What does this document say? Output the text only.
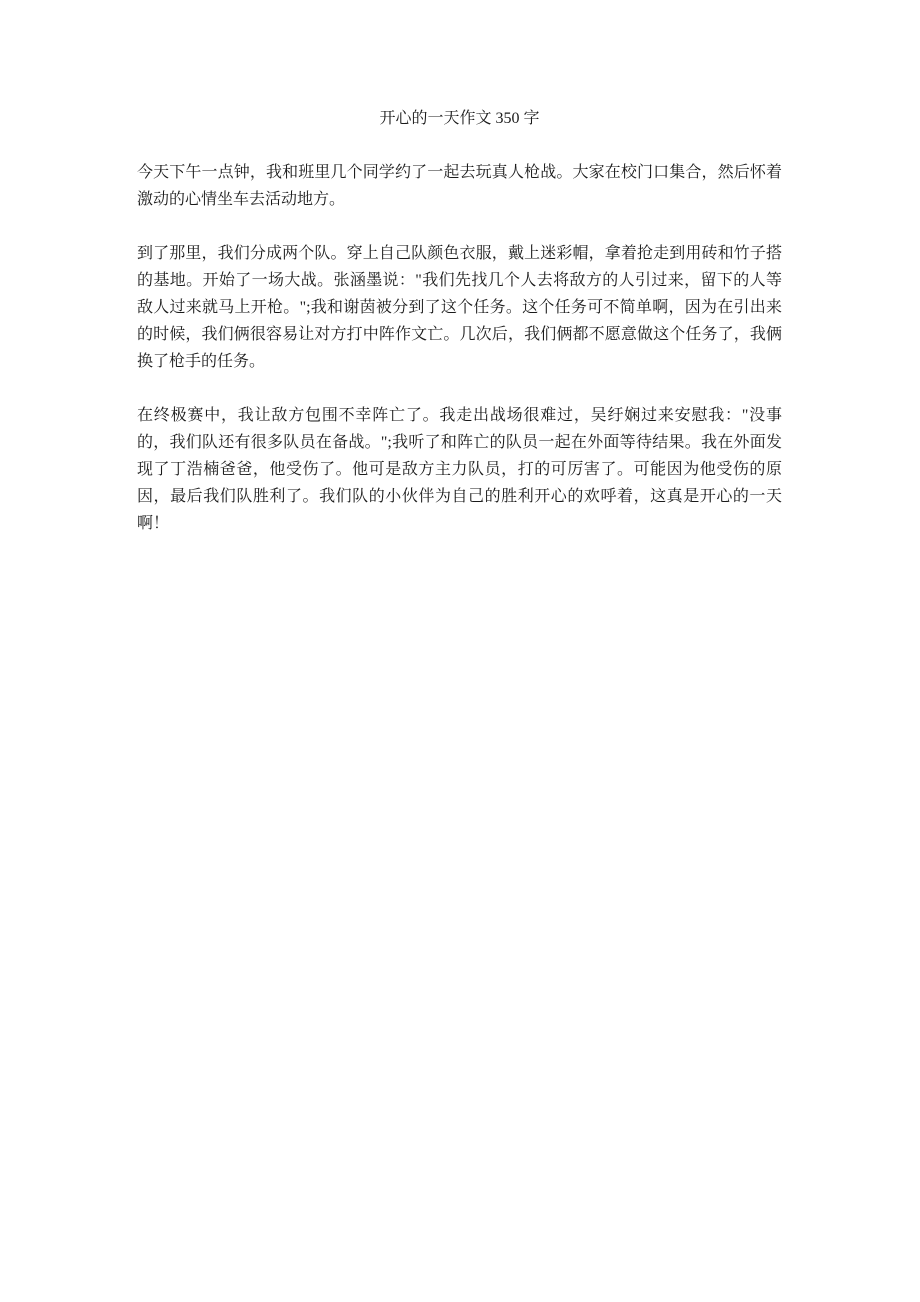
开心的一天作文 350 字

今天下午一点钟，我和班里几个同学约了一起去玩真人枪战。大家在校门口集合，然后怀着激动的心情坐车去活动地方。

到了那里，我们分成两个队。穿上自己队颜色衣服，戴上迷彩帽，拿着抢走到用砖和竹子搭的基地。开始了一场大战。张涵墨说："我们先找几个人去将敌方的人引过来，留下的人等敌人过来就马上开枪。";我和谢茵被分到了这个任务。这个任务可不简单啊，因为在引出来的时候，我们俩很容易让对方打中阵作文亡。几次后，我们俩都不愿意做这个任务了，我俩换了枪手的任务。

在终极赛中，我让敌方包围不幸阵亡了。我走出战场很难过，吴纡娴过来安慰我："没事的，我们队还有很多队员在备战。";我听了和阵亡的队员一起在外面等待结果。我在外面发现了丁浩楠爸爸，他受伤了。他可是敌方主力队员，打的可厉害了。可能因为他受伤的原因，最后我们队胜利了。我们队的小伙伴为自己的胜利开心的欢呼着，这真是开心的一天啊！
